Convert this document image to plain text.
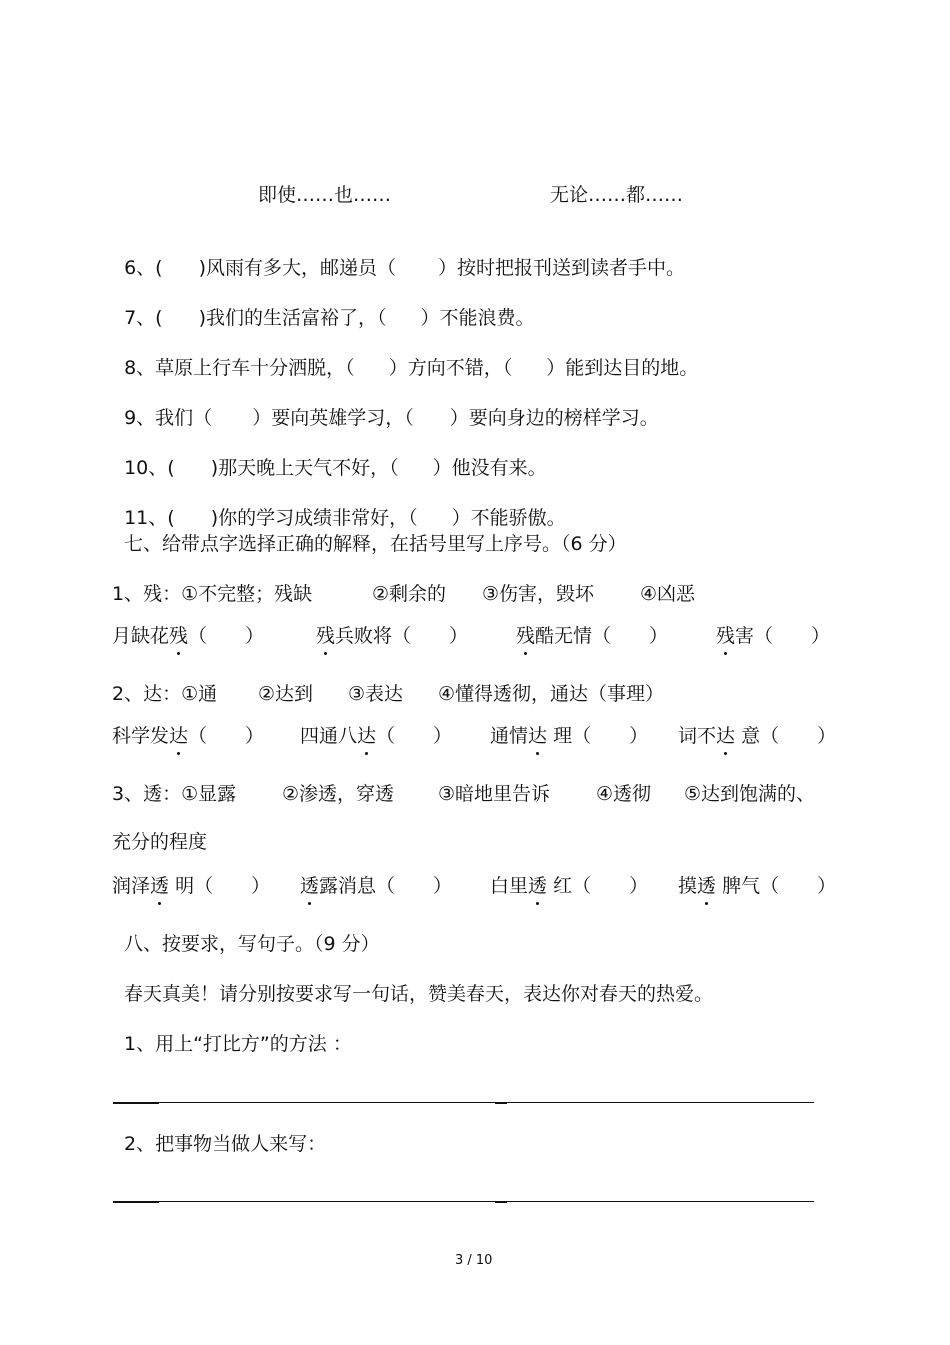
即使……也……	无论……都……

6、( )风雨有多大，邮递员（ ）按时把报刊送到读者手中。

7、( )我们的生活富裕了，（ ）不能浪费。

8、草原上行车十分洒脱，（ ）方向不错，（ ）能到达目的地。

9、我们（ ）要向英雄学习，（ ）要向身边的榜样学习。

10、( )那天晚上天气不好，（ ）他没有来。

11、( )你的学习成绩非常好，（ ）不能骄傲。

七、给带点字选择正确的解释，在括号里写上序号。（6 分）
1、残：①不完整；残缺	②剩余的 ③伤害，毁坏 ④凶恶
月缺花残（　　）	残兵败将（　　）	残酷无情（　　）	残害（　　）
2、达：①通 ②达到 ③表达 ④懂得透彻，通达（事理）
科学发达（　　） 四通八达（　　） 通情达 理（　　） 词不达 意（　　）
3、透：①显露 ②渗透，穿透 ③暗地里告诉 ④透彻 ⑤达到饱满的、
充分的程度
润泽透 明（　　） 透露消息（　　） 白里透 红（　　） 摸透 脾气（　　）
八、按要求，写句子。（9 分）
春天真美！请分别按要求写一句话，赞美春天，表达你对春天的热爱。
1、用上“打比方”的方法 ：
2、把事物当做人来写：
3 / 10
